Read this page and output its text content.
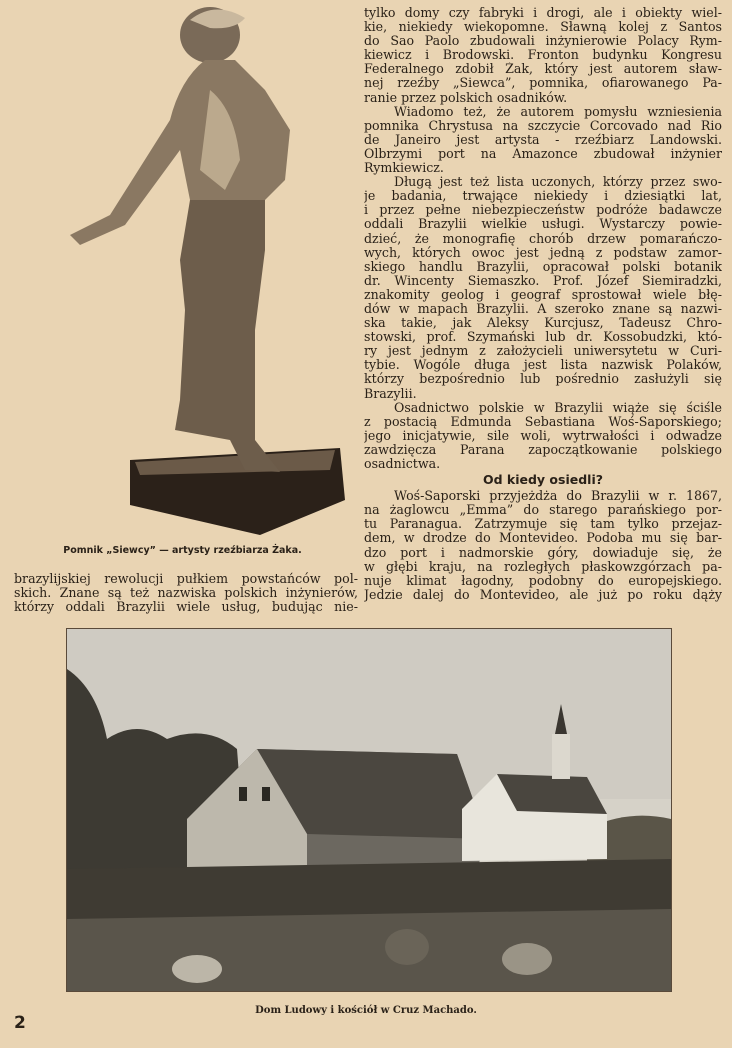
Pomnik „Siewcy” — artysty rzeźbiarza Żaka.
brazylijskiej rewolucji pułkiem powstańców pol-
skich. Znane są też nazwiska polskich inżynierów,
którzy oddali Brazylii wiele usług, budując nie-
tylko domy czy fabryki i drogi, ale i obiekty wiel-
kie, niekiedy wiekopomne. Sławną kolej z Santos
do Sao Paolo zbudowali inżynierowie Polacy Rym-
kiewicz i Brodowski. Fronton budynku Kongresu
Federalnego zdobił Żak, który jest autorem sław-
nej rzeźby „Siewca”, pomnika, ofiarowanego Pa-
ranie przez polskich osadników.
Wiadomo też, że autorem pomysłu wzniesienia
pomnika Chrystusa na szczycie Corcovado nad Rio
de Janeiro jest artysta - rzeźbiarz Landowski.
Olbrzymi port na Amazonce zbudował inżynier
Rymkiewicz.
Długą jest też lista uczonych, którzy przez swo-
je badania, trwające niekiedy i dziesiątki lat,
i przez pełne niebezpieczeństw podróże badawcze
oddali Brazylii wielkie usługi. Wystarczy powie-
dzieć, że monografię chorób drzew pomarańczo-
wych, których owoc jest jedną z podstaw zamor-
skiego handlu Brazylii, opracował polski botanik
dr. Wincenty Siemaszko. Prof. Józef Siemiradzki,
znakomity geolog i geograf sprostował wiele błę-
dów w mapach Brazylii. A szeroko znane są nazwi-
ska takie, jak Aleksy Kurcjusz, Tadeusz Chro-
stowski, prof. Szymański lub dr. Kossobudzki, któ-
ry jest jednym z założycieli uniwersytetu w Curi-
tybie. Wogóle długa jest lista nazwisk Polaków,
którzy bezpośrednio lub pośrednio zasłużyli się
Brazylii.
Osadnictwo polskie w Brazylii wiąże się ściśle
z postacią Edmunda Sebastiana Woś-Saporskiego;
jego inicjatywie, sile woli, wytrwałości i odwadze
zawdzięcza Parana zapoczątkowanie polskiego
osadnictwa.
Od kiedy osiedli?
Woś-Saporski przyjeżdża do Brazylii w r. 1867,
na żaglowcu „Emma” do starego parańskiego por-
tu Paranagua. Zatrzymuje się tam tylko przejaz-
dem, w drodze do Montevideo. Podoba mu się bar-
dzo port i nadmorskie góry, dowiaduje się, że
w głębi kraju, na rozległych płaskowzgórzach pa-
nuje klimat łagodny, podobny do europejskiego.
Jedzie dalej do Montevideo, ale już po roku dąży
Dom Ludowy i kościół w Cruz Machado.
2
